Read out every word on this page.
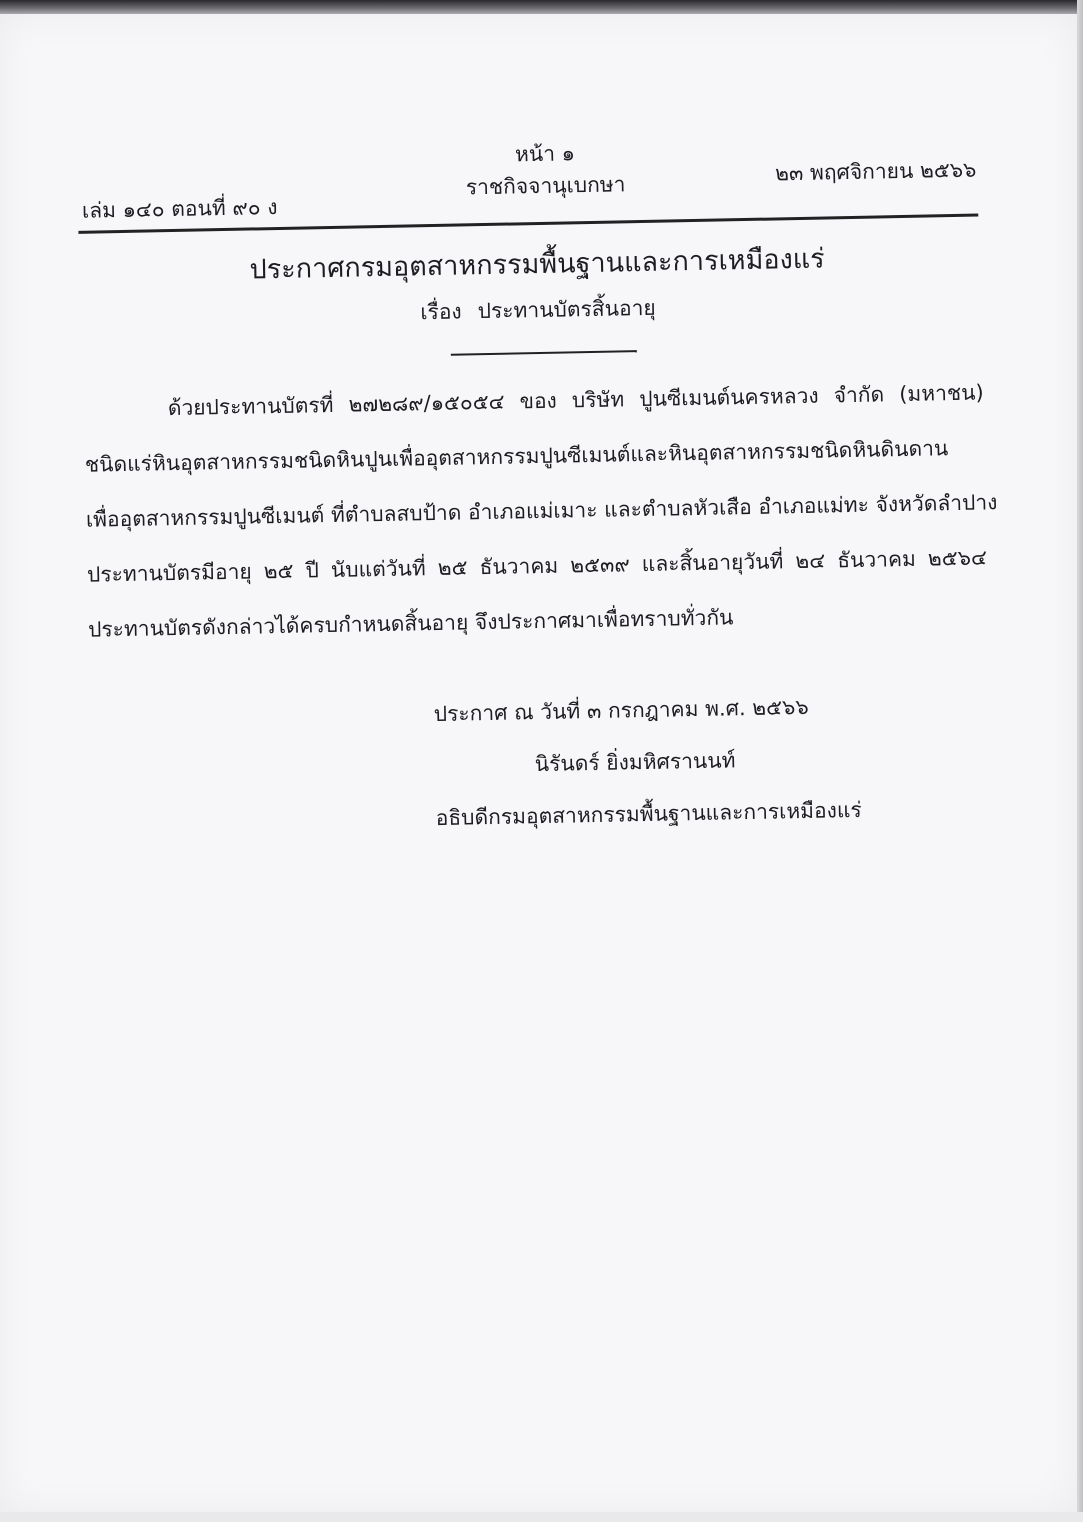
หน้า ๑
ราชกิจจานุเบกษา
เล่ม ๑๔๐ ตอนที่ ๙๐ ง
๒๓ พฤศจิกายน ๒๕๖๖
ประกาศกรมอุตสาหกรรมพื้นฐานและการเหมืองแร่
เรื่อง ประทานบัตรสิ้นอายุ
ด้วยประทานบัตรที่ ๒๗๒๘๙/๑๕๐๕๔ ของ บริษัท ปูนซีเมนต์นครหลวง จำกัด (มหาชน)
ชนิดแร่หินอุตสาหกรรมชนิดหินปูนเพื่ออุตสาหกรรมปูนซีเมนต์และหินอุตสาหกรรมชนิดหินดินดาน
เพื่ออุตสาหกรรมปูนซีเมนต์ ที่ตำบลสบป้าด อำเภอแม่เมาะ และตำบลหัวเสือ อำเภอแม่ทะ จังหวัดลำปาง
ประทานบัตรมีอายุ ๒๕ ปี นับแต่วันที่ ๒๕ ธันวาคม ๒๕๓๙ และสิ้นอายุวันที่ ๒๔ ธันวาคม ๒๕๖๔
ประทานบัตรดังกล่าวได้ครบกำหนดสิ้นอายุ จึงประกาศมาเพื่อทราบทั่วกัน
ประกาศ ณ วันที่ ๓ กรกฎาคม พ.ศ. ๒๕๖๖
นิรันดร์ ยิ่งมหิศรานนท์
อธิบดีกรมอุตสาหกรรมพื้นฐานและการเหมืองแร่
